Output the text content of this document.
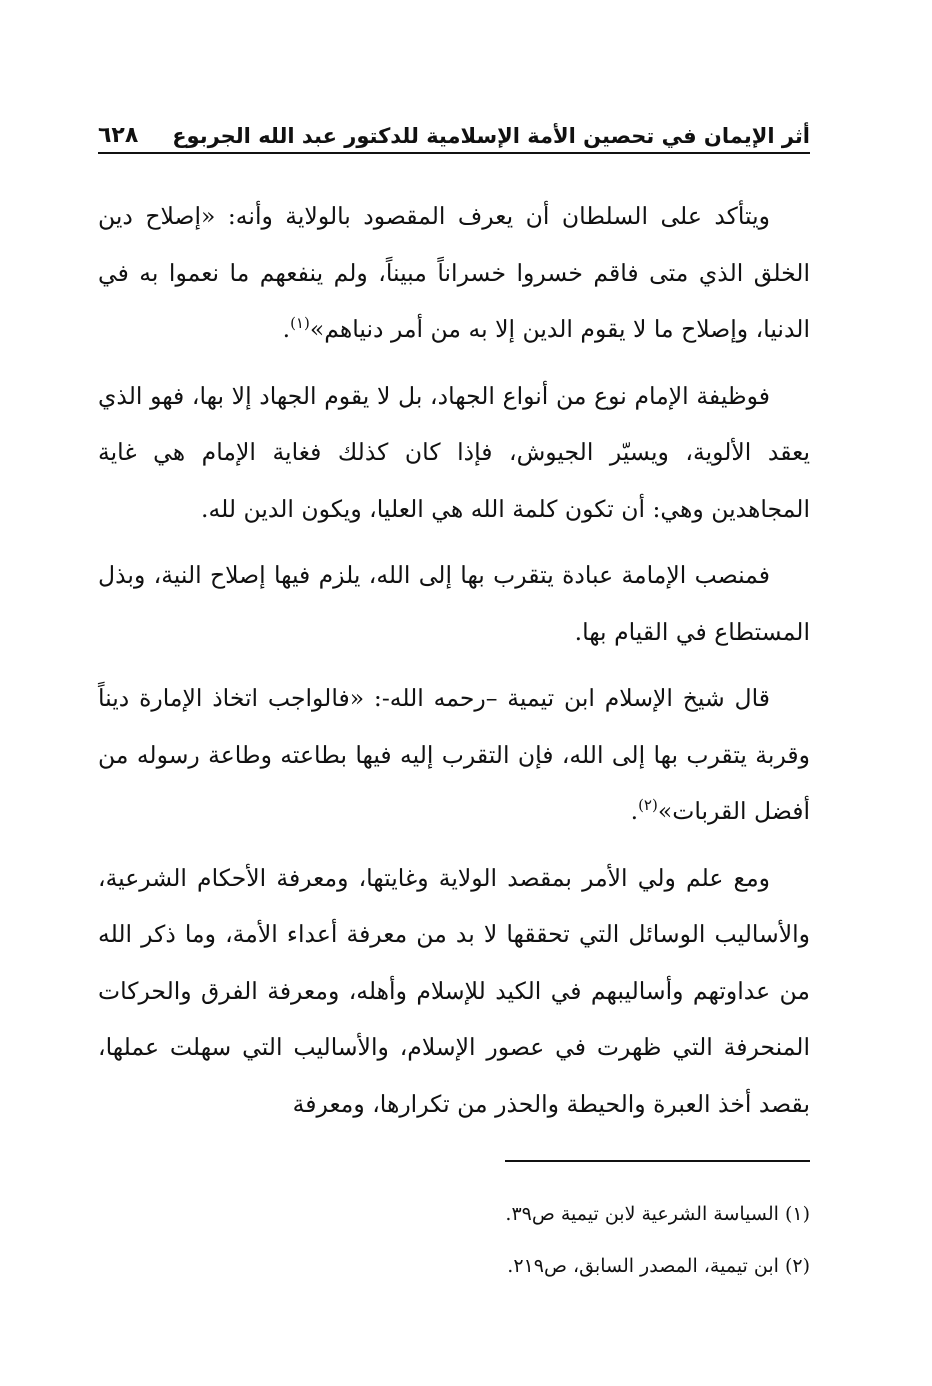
أثر الإيمان في تحصين الأمة الإسلامية للدكتور عبد الله الجربوع
٦٢٨

ويتأكد على السلطان أن يعرف المقصود بالولاية وأنه: «إصلاح دين الخلق الذي متى فاقم خسروا خسراناً مبيناً، ولم ينفعهم ما نعموا به في الدنيا، وإصلاح ما لا يقوم الدين إلا به من أمر دنياهم»$^{(١)}$.

فوظيفة الإمام نوع من أنواع الجهاد، بل لا يقوم الجهاد إلا بها، فهو الذي يعقد الألوية، ويسيّر الجيوش، فإذا كان كذلك فغاية الإمام هي غاية المجاهدين وهي: أن تكون كلمة الله هي العليا، ويكون الدين لله.

فمنصب الإمامة عبادة يتقرب بها إلى الله، يلزم فيها إصلاح النية، وبذل المستطاع في القيام بها.

قال شيخ الإسلام ابن تيمية –رحمه الله-: «فالواجب اتخاذ الإمارة ديناً وقربة يتقرب بها إلى الله، فإن التقرب إليه فيها بطاعته وطاعة رسوله من أفضل القربات»$^{(٢)}$.

ومع علم ولي الأمر بمقصد الولاية وغايتها، ومعرفة الأحكام الشرعية، والأساليب الوسائل التي تحققها لا بد من معرفة أعداء الأمة، وما ذكر الله من عداوتهم وأساليبهم في الكيد للإسلام وأهله، ومعرفة الفرق والحركات المنحرفة التي ظهرت في عصور الإسلام، والأساليب التي سهلت عملها، بقصد أخذ العبرة والحيطة والحذر من تكرارها، ومعرفة

(١) السياسة الشرعية لابن تيمية ص٣٩.

(٢) ابن تيمية، المصدر السابق، ص٢١٩.
